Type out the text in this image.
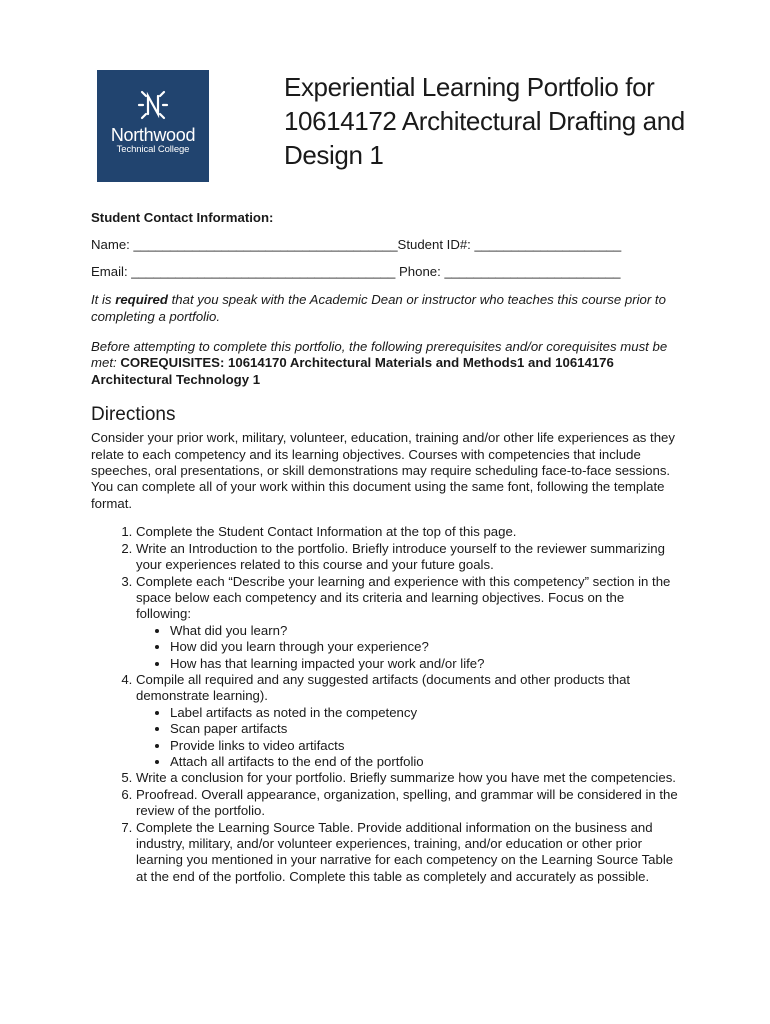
Northwood
Technical College
Experiential Learning Portfolio for 10614172 Architectural Drafting and Design 1

Student Contact Information:

Name: ____________________________________Student ID#: ____________________

Email: ____________________________________ Phone: ________________________

It is required that you speak with the Academic Dean or instructor who teaches this course prior to completing a portfolio.

Before attempting to complete this portfolio, the following prerequisites and/or corequisites must be met: COREQUISITES: 10614170 Architectural Materials and Methods1 and 10614176 Architectural Technology 1

Directions

Consider your prior work, military, volunteer, education, training and/or other life experiences as they relate to each competency and its learning objectives. Courses with competencies that include speeches, oral presentations, or skill demonstrations may require scheduling face-to-face sessions. You can complete all of your work within this document using the same font, following the template format.

1. Complete the Student Contact Information at the top of this page.
2. Write an Introduction to the portfolio. Briefly introduce yourself to the reviewer summarizing your experiences related to this course and your future goals.
3. Complete each “Describe your learning and experience with this competency” section in the space below each competency and its criteria and learning objectives. Focus on the following:
• What did you learn?
• How did you learn through your experience?
• How has that learning impacted your work and/or life?
4. Compile all required and any suggested artifacts (documents and other products that demonstrate learning).
• Label artifacts as noted in the competency
• Scan paper artifacts
• Provide links to video artifacts
• Attach all artifacts to the end of the portfolio
5. Write a conclusion for your portfolio. Briefly summarize how you have met the competencies.
6. Proofread. Overall appearance, organization, spelling, and grammar will be considered in the review of the portfolio.
7. Complete the Learning Source Table. Provide additional information on the business and industry, military, and/or volunteer experiences, training, and/or education or other prior learning you mentioned in your narrative for each competency on the Learning Source Table at the end of the portfolio. Complete this table as completely and accurately as possible.
